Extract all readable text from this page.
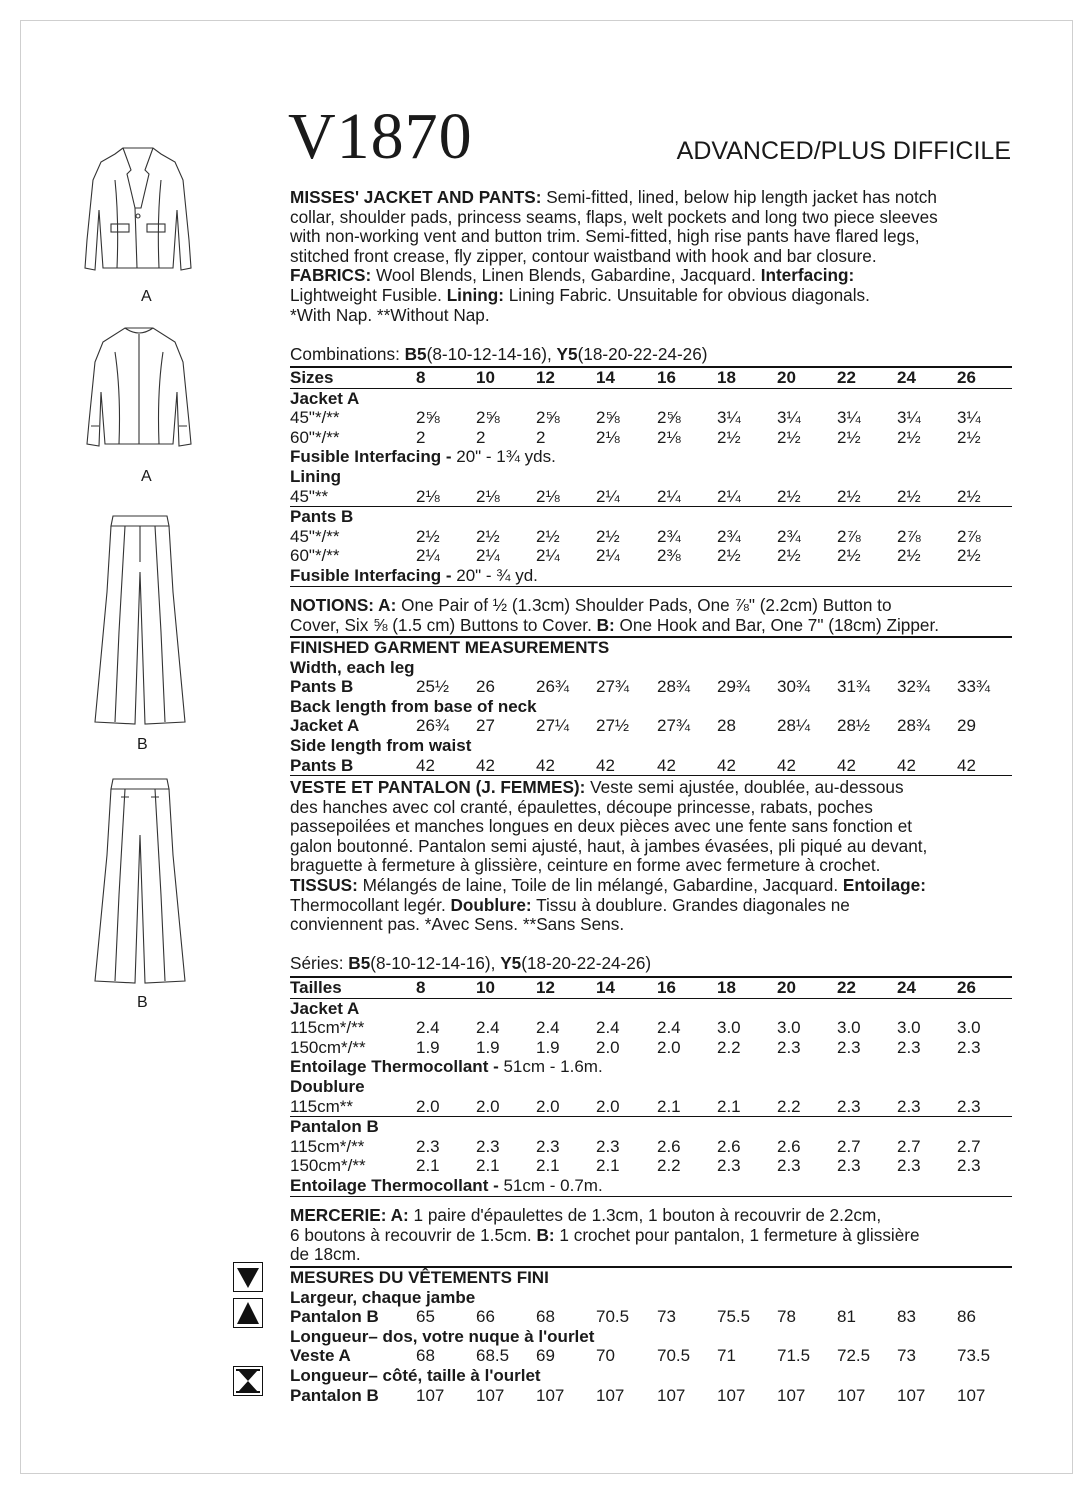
V1870	ADVANCED/PLUS DIFFICILE
A
A
B
B
MISSES' JACKET AND PANTS: Semi-fitted, lined, below hip length jacket has notch
collar, shoulder pads, princess seams, flaps, welt pockets and long two piece sleeves
with non-working vent and button trim. Semi-fitted, high rise pants have flared legs,
stitched front crease, fly zipper, contour waistband with hook and bar closure.
FABRICS: Wool Blends, Linen Blends, Gabardine, Jacquard. Interfacing:
Lightweight Fusible. Lining: Lining Fabric. Unsuitable for obvious diagonals.
*With Nap. **Without Nap.
Combinations: B5(8-10-12-14-16), Y5(18-20-22-24-26)
Sizes	8	10	12	14	16	18	20	22	24	26
Jacket A
45"*/**	2⅝	2⅝	2⅝	2⅝	2⅝	3¼	3¼	3¼	3¼	3¼
60"*/**	2	2	2	2⅛	2⅛	2½	2½	2½	2½	2½
Fusible Interfacing - 20" - 1¾ yds.
Lining
45"**	2⅛	2⅛	2⅛	2¼	2¼	2¼	2½	2½	2½	2½
Pants B
45"*/**	2½	2½	2½	2½	2¾	2¾	2¾	2⅞	2⅞	2⅞
60"*/**	2¼	2¼	2¼	2¼	2⅜	2½	2½	2½	2½	2½
Fusible Interfacing - 20" - ¾ yd.
NOTIONS: A: One Pair of ½ (1.3cm) Shoulder Pads, One ⅞" (2.2cm) Button to
Cover, Six ⅝ (1.5 cm) Buttons to Cover. B: One Hook and Bar, One 7" (18cm) Zipper.
FINISHED GARMENT MEASUREMENTS
Width, each leg
Pants B	25½	26	26¾	27¾	28¾	29¾	30¾	31¾	32¾	33¾
Back length from base of neck
Jacket A	26¾	27	27¼	27½	27¾	28	28¼	28½	28¾	29
Side length from waist
Pants B	42	42	42	42	42	42	42	42	42	42
VESTE ET PANTALON (J. FEMMES): Veste semi ajustée, doublée, au-dessous
des hanches avec col cranté, épaulettes, découpe princesse, rabats, poches
passepoilées et manches longues en deux pièces avec une fente sans fonction et
galon boutonné. Pantalon semi ajusté, haut, à jambes évasées, pli piqué au devant,
braguette à fermeture à glissière, ceinture en forme avec fermeture à crochet.
TISSUS: Mélangés de laine, Toile de lin mélangé, Gabardine, Jacquard. Entoilage:
Thermocollant legér. Doublure: Tissu à doublure. Grandes diagonales ne
conviennent pas. *Avec Sens. **Sans Sens.
Séries: B5(8-10-12-14-16), Y5(18-20-22-24-26)
Tailles	8	10	12	14	16	18	20	22	24	26
Jacket A
115cm*/**	2.4	2.4	2.4	2.4	2.4	3.0	3.0	3.0	3.0	3.0
150cm*/**	1.9	1.9	1.9	2.0	2.0	2.2	2.3	2.3	2.3	2.3
Entoilage Thermocollant - 51cm - 1.6m.
Doublure
115cm**	2.0	2.0	2.0	2.0	2.1	2.1	2.2	2.3	2.3	2.3
Pantalon B
115cm*/**	2.3	2.3	2.3	2.3	2.6	2.6	2.6	2.7	2.7	2.7
150cm*/**	2.1	2.1	2.1	2.1	2.2	2.3	2.3	2.3	2.3	2.3
Entoilage Thermocollant - 51cm - 0.7m.
MERCERIE: A: 1 paire d'épaulettes de 1.3cm, 1 bouton à recouvrir de 2.2cm,
6 boutons à recouvrir de 1.5cm. B: 1 crochet pour pantalon, 1 fermeture à glissière
de 18cm.
MESURES DU VÊTEMENTS FINI
Largeur, chaque jambe
Pantalon B 65	66	68	70.5	73	75.5	78	81	83	86
Longueur– dos, votre nuque à l'ourlet
Veste A	68	68.5	69	70	70.5	71	71.5	72.5	73	73.5
Longueur– côté, taille à l'ourlet
Pantalon B 107	107	107	107	107	107	107	107	107	107
